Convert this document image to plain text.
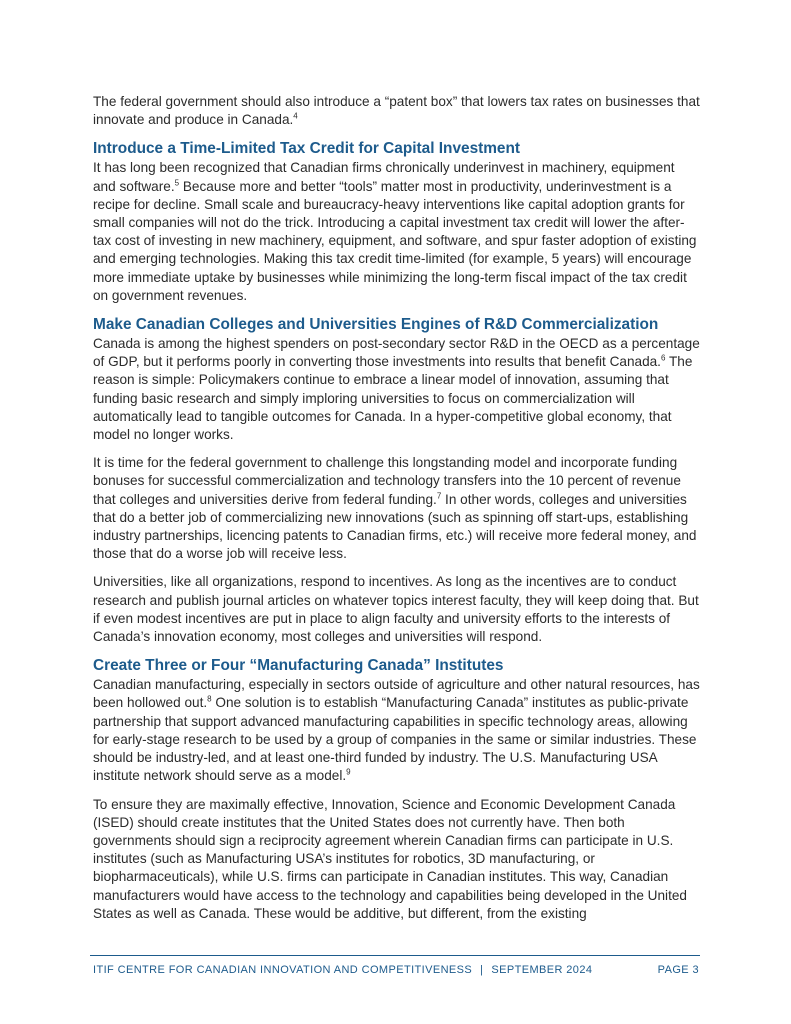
The federal government should also introduce a “patent box” that lowers tax rates on businesses that innovate and produce in Canada.$^4$

Introduce a Time-Limited Tax Credit for Capital Investment

It has long been recognized that Canadian firms chronically underinvest in machinery, equipment and software.$^5$ Because more and better “tools” matter most in productivity, underinvestment is a recipe for decline. Small scale and bureaucracy-heavy interventions like capital adoption grants for small companies will not do the trick. Introducing a capital investment tax credit will lower the after-tax cost of investing in new machinery, equipment, and software, and spur faster adoption of existing and emerging technologies. Making this tax credit time-limited (for example, 5 years) will encourage more immediate uptake by businesses while minimizing the long-term fiscal impact of the tax credit on government revenues.

Make Canadian Colleges and Universities Engines of R&D Commercialization

Canada is among the highest spenders on post-secondary sector R&D in the OECD as a percentage of GDP, but it performs poorly in converting those investments into results that benefit Canada.$^6$ The reason is simple: Policymakers continue to embrace a linear model of innovation, assuming that funding basic research and simply imploring universities to focus on commercialization will automatically lead to tangible outcomes for Canada. In a hyper-competitive global economy, that model no longer works.

It is time for the federal government to challenge this longstanding model and incorporate funding bonuses for successful commercialization and technology transfers into the 10 percent of revenue that colleges and universities derive from federal funding.$^7$ In other words, colleges and universities that do a better job of commercializing new innovations (such as spinning off start-ups, establishing industry partnerships, licencing patents to Canadian firms, etc.) will receive more federal money, and those that do a worse job will receive less.

Universities, like all organizations, respond to incentives. As long as the incentives are to conduct research and publish journal articles on whatever topics interest faculty, they will keep doing that. But if even modest incentives are put in place to align faculty and university efforts to the interests of Canada’s innovation economy, most colleges and universities will respond.

Create Three or Four “Manufacturing Canada” Institutes

Canadian manufacturing, especially in sectors outside of agriculture and other natural resources, has been hollowed out.$^8$ One solution is to establish “Manufacturing Canada” institutes as public-private partnership that support advanced manufacturing capabilities in specific technology areas, allowing for early-stage research to be used by a group of companies in the same or similar industries. These should be industry-led, and at least one-third funded by industry. The U.S. Manufacturing USA institute network should serve as a model.$^9$

To ensure they are maximally effective, Innovation, Science and Economic Development Canada (ISED) should create institutes that the United States does not currently have. Then both governments should sign a reciprocity agreement wherein Canadian firms can participate in U.S. institutes (such as Manufacturing USA’s institutes for robotics, 3D manufacturing, or biopharmaceuticals), while U.S. firms can participate in Canadian institutes. This way, Canadian manufacturers would have access to the technology and capabilities being developed in the United States as well as Canada. These would be additive, but different, from the existing

ITIF CENTRE FOR CANADIAN INNOVATION AND COMPETITIVENESS | SEPTEMBER 2024	PAGE 3
